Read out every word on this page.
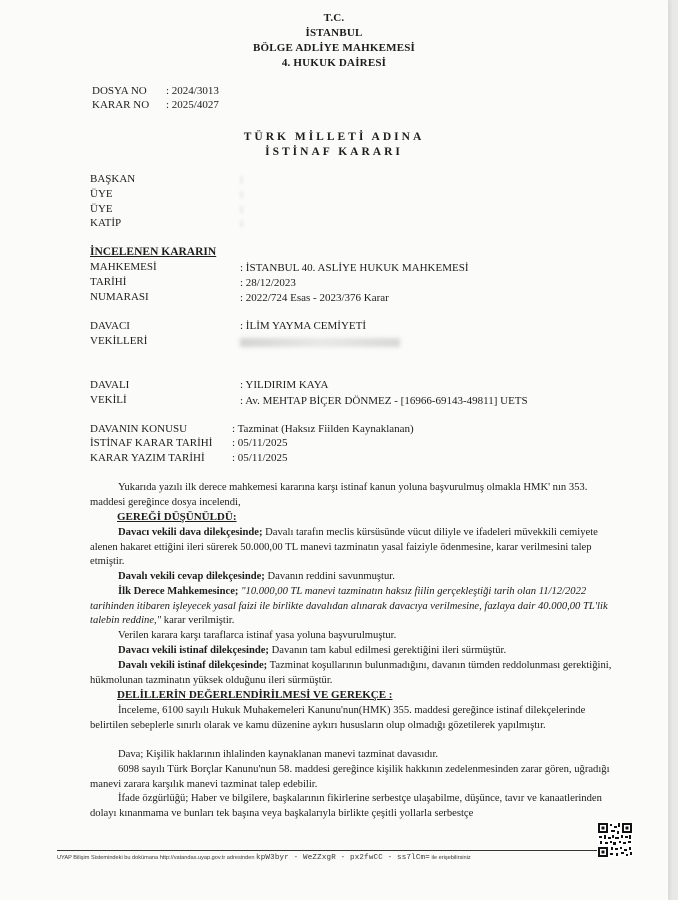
T.C.
İSTANBUL
BÖLGE ADLİYE MAHKEMESİ
4. HUKUK DAİRESİ
DOSYA NO : 2024/3013
KARAR NO : 2025/4027
TÜRK MİLLETİ ADINA
İSTİNAF KARARI
BAŞKAN	:
ÜYE	:
ÜYE	:
KATİP	:
İNCELENEN KARARIN
MAHKEMESİ	: İSTANBUL 40. ASLİYE HUKUK MAHKEMESİ
TARİHİ	: 28/12/2023
NUMARASI	: 2022/724 Esas - 2023/376 Karar
DAVACI	: İLİM YAYMA CEMİYETİ
VEKİLLERİ
DAVALI	: YILDIRIM KAYA
VEKİLİ	: Av. MEHTAP BİÇER DÖNMEZ - [16966-69143-49811] UETS
DAVANIN KONUSU	: Tazminat (Haksız Fiilden Kaynaklanan)
İSTİNAF KARAR TARİHİ : 05/11/2025
KARAR YAZIM TARİHİ : 05/11/2025
Yukarıda yazılı ilk derece mahkemesi kararına karşı istinaf kanun yoluna başvurulmuş olmakla HMK' nın 353. maddesi gereğince dosya incelendi,
GEREĞİ DÜŞÜNÜLDÜ:
Davacı vekili dava dilekçesinde; Davalı tarafın meclis kürsüsünde vücut diliyle ve ifadeleri müvekkili cemiyete alenen hakaret ettiğini ileri sürerek 50.000,00 TL manevi tazminatın yasal faiziyle ödenmesine, karar verilmesini talep etmiştir.
Davalı vekili cevap dilekçesinde; Davanın reddini savunmuştur.
İlk Derece Mahkemesince; "10.000,00 TL manevi tazminatın haksız fiilin gerçekleştiği tarih olan 11/12/2022 tarihinden itibaren işleyecek yasal faizi ile birlikte davalıdan alınarak davacıya verilmesine, fazlaya dair 40.000,00 TL'lik talebin reddine," karar verilmiştir.
Verilen karara karşı taraflarca istinaf yasa yoluna başvurulmuştur.
Davacı vekili istinaf dilekçesinde; Davanın tam kabul edilmesi gerektiğini ileri sürmüştür.
Davalı vekili istinaf dilekçesinde; Tazminat koşullarının bulunmadığını, davanın tümden reddolunması gerektiğini, hükmolunan tazminatın yüksek olduğunu ileri sürmüştür.
DELİLLERİN DEĞERLENDİRİLMESİ VE GEREKÇE :
İnceleme, 6100 sayılı Hukuk Muhakemeleri Kanunu'nun(HMK) 355. maddesi gereğince istinaf dilekçelerinde belirtilen sebeplerle sınırlı olarak ve kamu düzenine aykırı hususların olup olmadığı gözetilerek yapılmıştır.
Dava; Kişilik haklarının ihlalinden kaynaklanan manevi tazminat davasıdır.
6098 sayılı Türk Borçlar Kanunu'nun 58. maddesi gereğince kişilik hakkının zedelenmesinden zarar gören, uğradığı manevi zarara karşılık manevi tazminat talep edebilir.
İfade özgürlüğü; Haber ve bilgilere, başkalarının fikirlerine serbestçe ulaşabilme, düşünce, tavır ve kanaatlerinden dolayı kınanmama ve bunları tek başına veya başkalarıyla birlikte çeşitli yollarla serbestçe
UYAP Bilişim Sistemindeki bu dokümana http://vatandas.uyap.gov.tr adresinden kpW3byr - WeZZxgR - px2fwCC - ss7lCm= ile erişebilirsiniz
